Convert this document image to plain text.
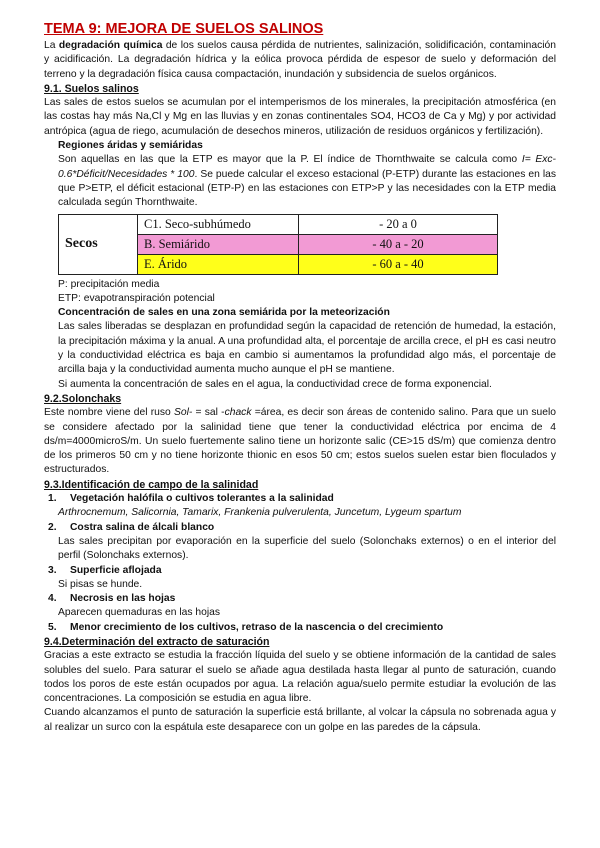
TEMA 9: MEJORA DE SUELOS SALINOS

La degradación química de los suelos causa pérdida de nutrientes, salinización, solidificación, contaminación y acidificación. La degradación hídrica y la eólica provoca pérdida de espesor de suelo y deformación del terreno y la degradación física causa compactación, inundación y subsidencia de suelos orgánicos.

9.1. Suelos salinos

Las sales de estos suelos se acumulan por el intemperismos de los minerales, la precipitación atmosférica (en las costas hay más Na,Cl y Mg en las lluvias y en zonas continentales SO4, HCO3 de Ca y Mg) y por actividad antrópica (agua de riego, acumulación de desechos mineros, utilización de residuos orgánicos y fertilización).

Regiones áridas y semiáridas

Son aquellas en las que la ETP es mayor que la P. El índice de Thornthwaite se calcula como I= Exc-0.6*Déficit/Necesidades * 100. Se puede calcular el exceso estacional (P-ETP) durante las estaciones en las que P>ETP, el déficit estacional (ETP-P) en las estaciones con ETP>P y las necesidades con la ETP media calculada según Thornthwaite.

Secos	C1. Seco-subhúmedo	- 20 a 0
	B. Semiárido	- 40 a - 20
	E. Árido	- 60 a - 40
P: precipitación media
ETP: evapotranspiración potencial
Concentración de sales en una zona semiárida por la meteorización

Las sales liberadas se desplazan en profundidad según la capacidad de retención de humedad, la estación, la precipitación máxima y la anual. A una profundidad alta, el porcentaje de arcilla crece, el pH es casi neutro y la conductividad eléctrica es baja en cambio si aumentamos la profundidad algo más, el porcentaje de arcilla baja y la conductividad aumenta mucho aunque el pH se mantiene.

Si aumenta la concentración de sales en el agua, la conductividad crece de forma exponencial.

9.2.Solonchaks

Este nombre viene del ruso Sol- = sal -chack =área, es decir son áreas de contenido salino. Para que un suelo se considere afectado por la salinidad tiene que tener la conductividad eléctrica por encima de 4 ds/m=4000microS/m. Un suelo fuertemente salino tiene un horizonte salic (CE>15 dS/m) que comienza dentro de los primeros 50 cm y no tiene horizonte thionic en esos 50 cm; estos suelos suelen estar bien floculados y estructurados.

9.3.Identificación de campo de la salinidad
1. Vegetación halófila o cultivos tolerantes a la salinidad
Arthrocnemum, Salicornia, Tamarix, Frankenia pulverulenta, Juncetum, Lygeum spartum
2. Costra salina de álcali blanco

Las sales precipitan por evaporación en la superficie del suelo (Solonchaks externos) o en el interior del perfil (Solonchaks externos).

3. Superficie aflojada
Si pisas se hunde.
4. Necrosis en las hojas
Aparecen quemaduras en las hojas
5. Menor crecimiento de los cultivos, retraso de la nascencia o del crecimiento
9.4.Determinación del extracto de saturación

Gracias a este extracto se estudia la fracción líquida del suelo y se obtiene información de la cantidad de sales solubles del suelo. Para saturar el suelo se añade agua destilada hasta llegar al punto de saturación, cuando todos los poros de este están ocupados por agua. La relación agua/suelo permite estudiar la evolución de las concentraciones. La composición se estudia en agua libre.

Cuando alcanzamos el punto de saturación la superficie está brillante, al volcar la cápsula no sobrenada agua y al realizar un surco con la espátula este desaparece con un golpe en las paredes de la cápsula.
